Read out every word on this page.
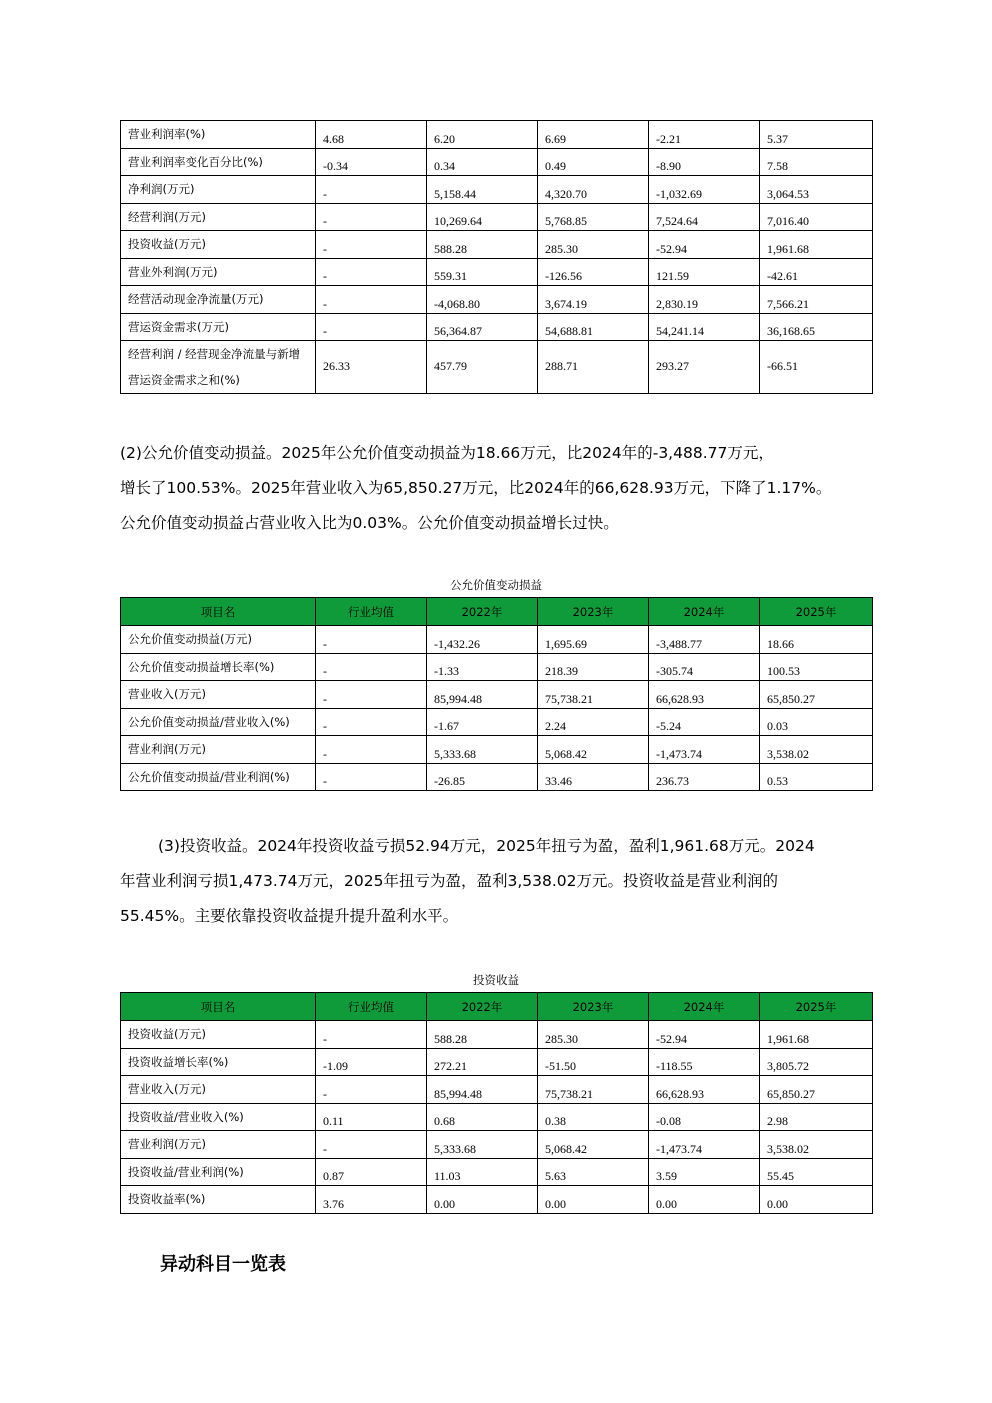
营业利润率(%)	4.68	6.20	6.69	-2.21	5.37
营业利润率变化百分比(%)	-0.34	0.34	0.49	-8.90	7.58
净利润(万元)	-	5,158.44	4,320.70	-1,032.69	3,064.53
经营利润(万元)	-	10,269.64	5,768.85	7,524.64	7,016.40
投资收益(万元)	-	588.28	285.30	-52.94	1,961.68
营业外利润(万元)	-	559.31	-126.56	121.59	-42.61
经营活动现金净流量(万元)	-	-4,068.80	3,674.19	2,830.19	7,566.21
营运资金需求(万元)	-	56,364.87	54,688.81	54,241.14	36,168.65
经营利润 / 经营现金净流量与新增营运资金需求之和(%)	26.33	457.79	288.71	293.27	-66.51
(2)公允价值变动损益。2025年公允价值变动损益为18.66万元，比2024年的-3,488.77万元，
增长了100.53%。2025年营业收入为65,850.27万元，比2024年的66,628.93万元，下降了1.17%。
公允价值变动损益占营业收入比为0.03%。公允价值变动损益增长过快。
公允价值变动损益
项目名	行业均值	2022年	2023年	2024年	2025年
公允价值变动损益(万元)	-	-1,432.26	1,695.69	-3,488.77	18.66
公允价值变动损益增长率(%)	-	-1.33	218.39	-305.74	100.53
营业收入(万元)	-	85,994.48	75,738.21	66,628.93	65,850.27
公允价值变动损益/营业收入(%)	-	-1.67	2.24	-5.24	0.03
营业利润(万元)	-	5,333.68	5,068.42	-1,473.74	3,538.02
公允价值变动损益/营业利润(%)	-	-26.85	33.46	236.73	0.53
(3)投资收益。2024年投资收益亏损52.94万元，2025年扭亏为盈，盈利1,961.68万元。2024
年营业利润亏损1,473.74万元，2025年扭亏为盈，盈利3,538.02万元。投资收益是营业利润的
55.45%。主要依靠投资收益提升提升盈利水平。
投资收益
项目名	行业均值	2022年	2023年	2024年	2025年
投资收益(万元)	-	588.28	285.30	-52.94	1,961.68
投资收益增长率(%)	-1.09	272.21	-51.50	-118.55	3,805.72
营业收入(万元)	-	85,994.48	75,738.21	66,628.93	65,850.27
投资收益/营业收入(%)	0.11	0.68	0.38	-0.08	2.98
营业利润(万元)	-	5,333.68	5,068.42	-1,473.74	3,538.02
投资收益/营业利润(%)	0.87	11.03	5.63	3.59	55.45
投资收益率(%)	3.76	0.00	0.00	0.00	0.00
异动科目一览表
